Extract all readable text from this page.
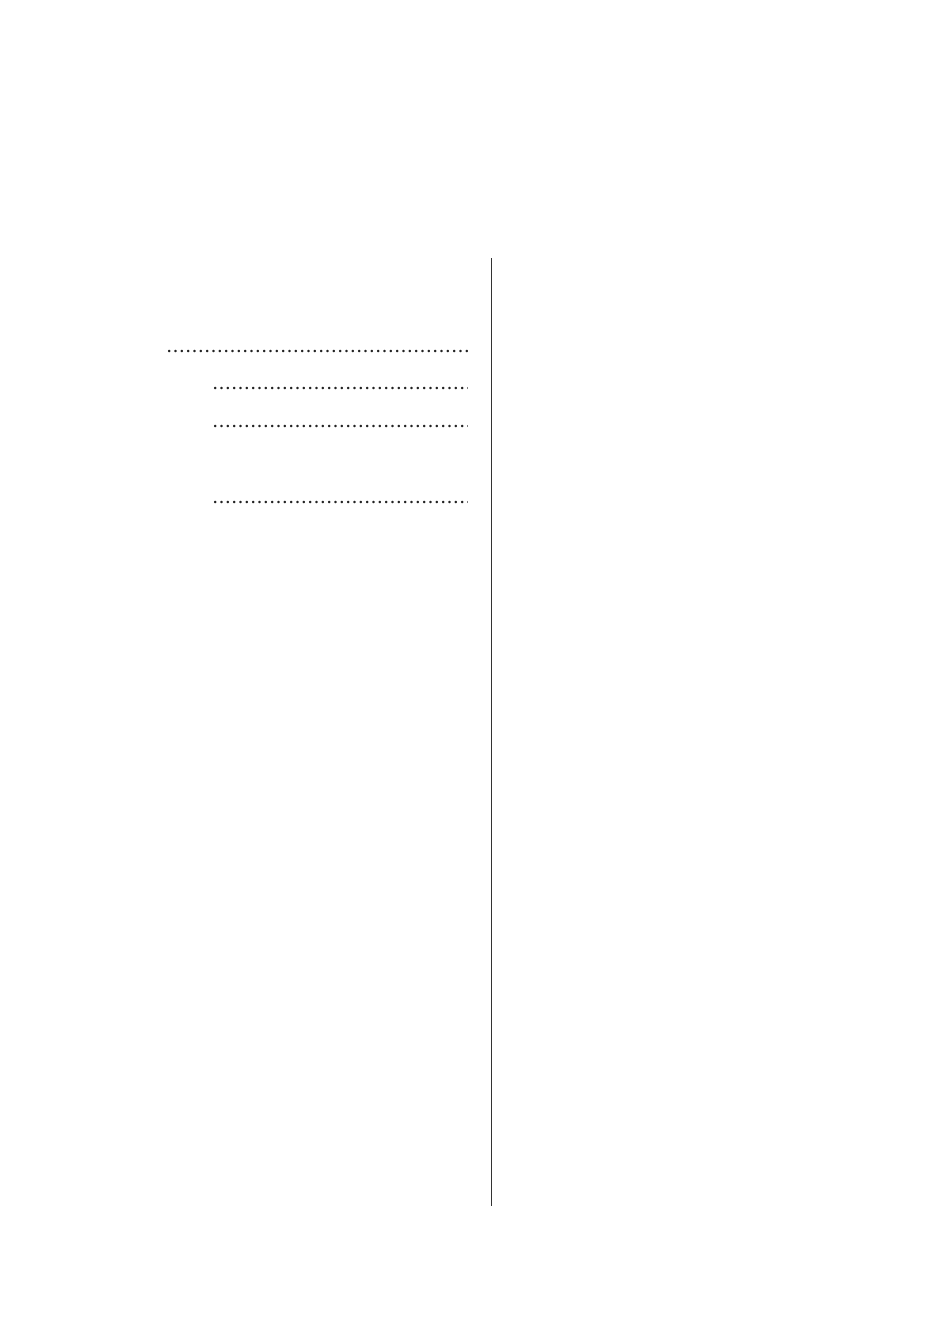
…………………………………………………………………………
…………………………………………………………………………
…………………………………………………………………………
…………………………………………………………………………
